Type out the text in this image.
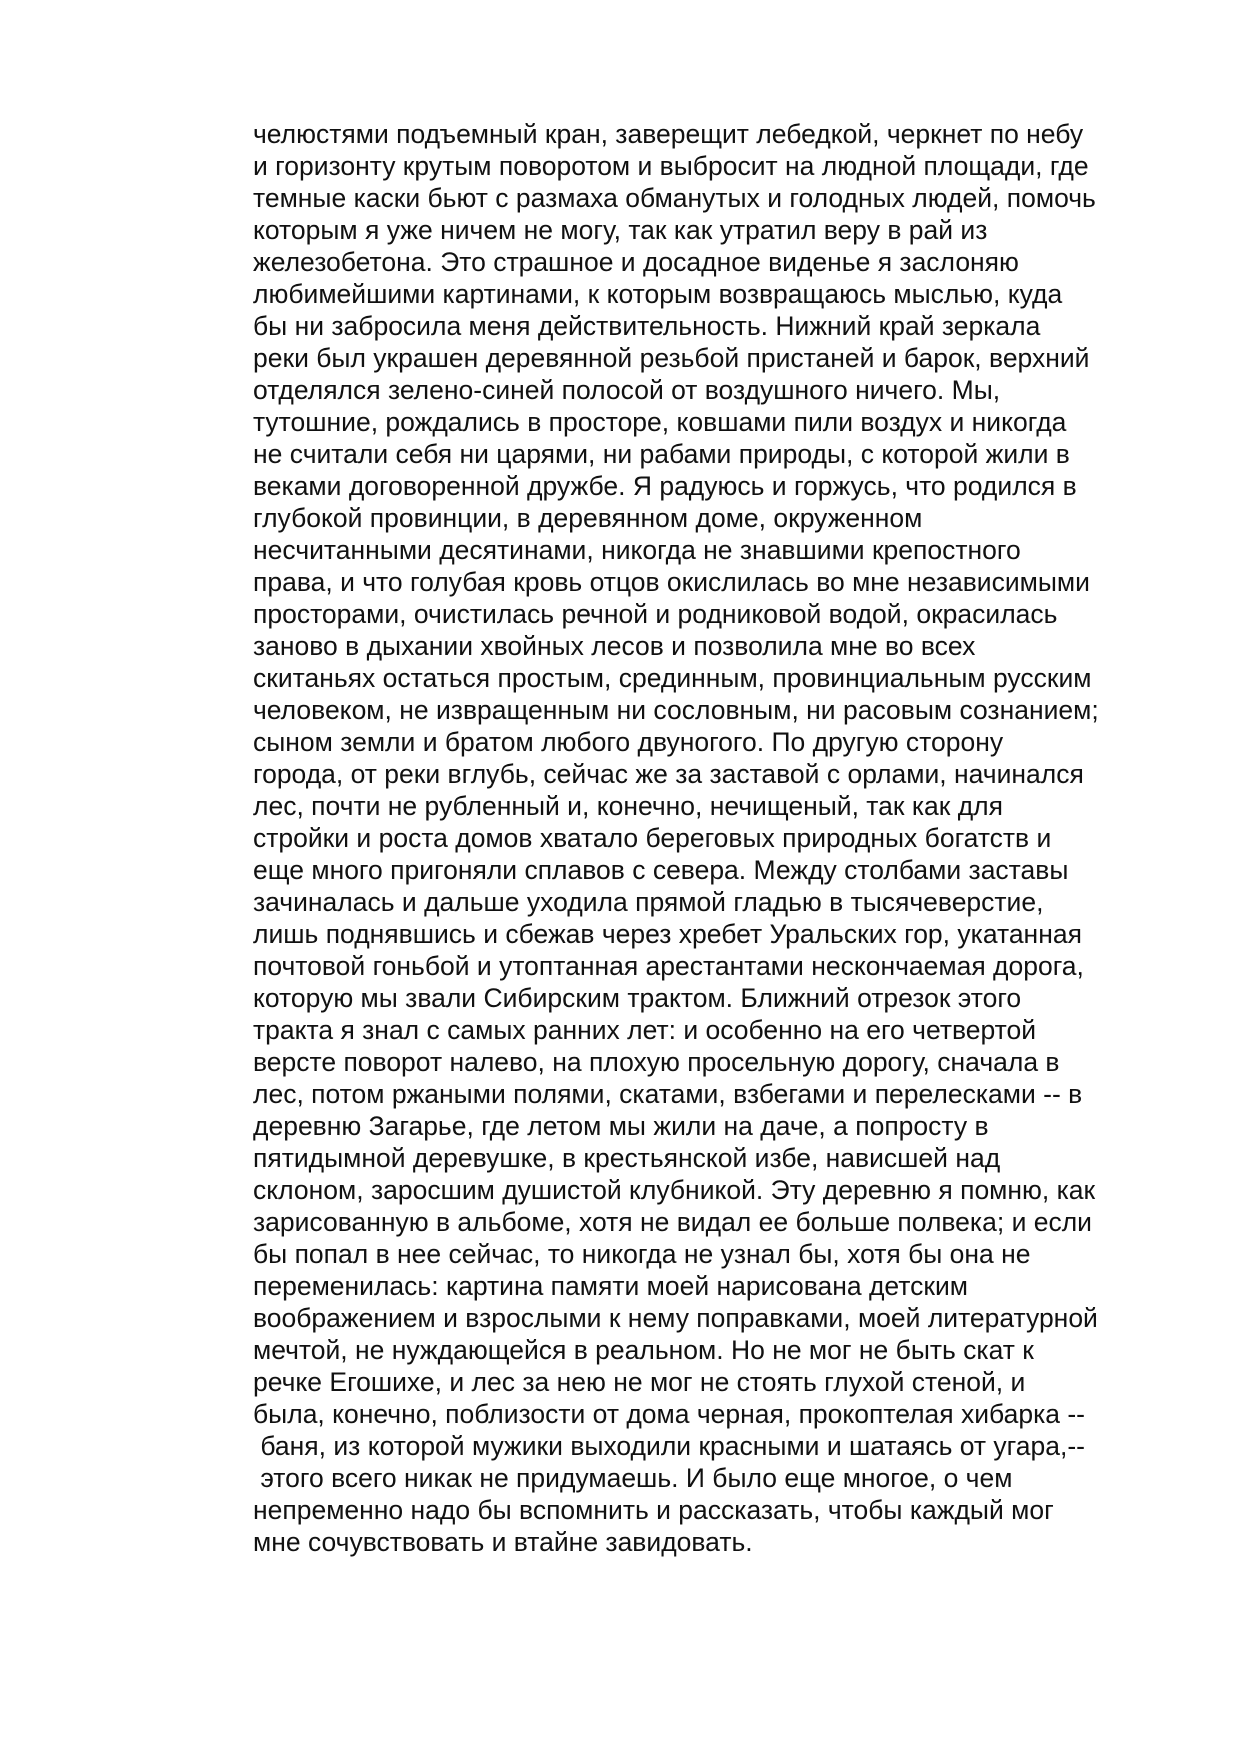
челюстями подъемный кран, заверещит лебедкой, черкнет по небу
и горизонту крутым поворотом и выбросит на людной площади, где
темные каски бьют с размаха обманутых и голодных людей, помочь
которым я уже ничем не могу, так как утратил веру в рай из
железобетона. Это страшное и досадное виденье я заслоняю
любимейшими картинами, к которым возвращаюсь мыслью, куда
бы ни забросила меня действительность. Нижний край зеркала
реки был украшен деревянной резьбой пристаней и барок, верхний
отделялся зелено-синей полосой от воздушного ничего. Мы,
тутошние, рождались в просторе, ковшами пили воздух и никогда
не считали себя ни царями, ни рабами природы, с которой жили в
веками договоренной дружбе. Я радуюсь и горжусь, что родился в
глубокой провинции, в деревянном доме, окруженном
несчитанными десятинами, никогда не знавшими крепостного
права, и что голубая кровь отцов окислилась во мне независимыми
просторами, очистилась речной и родниковой водой, окрасилась
заново в дыхании хвойных лесов и позволила мне во всех
скитаньях остаться простым, срединным, провинциальным русским
человеком, не извращенным ни сословным, ни расовым сознанием;
сыном земли и братом любого двуногого. По другую сторону
города, от реки вглубь, сейчас же за заставой с орлами, начинался
лес, почти не рубленный и, конечно, нечищеный, так как для
стройки и роста домов хватало береговых природных богатств и
еще много пригоняли сплавов с севера. Между столбами заставы
зачиналась и дальше уходила прямой гладью в тысячеверстие,
лишь поднявшись и сбежав через хребет Уральских гор, укатанная
почтовой гоньбой и утоптанная арестантами нескончаемая дорога,
которую мы звали Сибирским трактом. Ближний отрезок этого
тракта я знал с самых ранних лет: и особенно на его четвертой
версте поворот налево, на плохую просельную дорогу, сначала в
лес, потом ржаными полями, скатами, взбегами и перелесками -- в
деревню Загарье, где летом мы жили на даче, а попросту в
пятидымной деревушке, в крестьянской избе, нависшей над
склоном, заросшим душистой клубникой. Эту деревню я помню, как
зарисованную в альбоме, хотя не видал ее больше полвека; и если
бы попал в нее сейчас, то никогда не узнал бы, хотя бы она не
переменилась: картина памяти моей нарисована детским
воображением и взрослыми к нему поправками, моей литературной
мечтой, не нуждающейся в реальном. Но не мог не быть скат к
речке Егошихе, и лес за нею не мог не стоять глухой стеной, и
была, конечно, поблизости от дома черная, прокоптелая хибарка --
баня, из которой мужики выходили красными и шатаясь от угара,--
этого всего никак не придумаешь. И было еще многое, о чем
непременно надо бы вспомнить и рассказать, чтобы каждый мог
мне сочувствовать и втайне завидовать.
